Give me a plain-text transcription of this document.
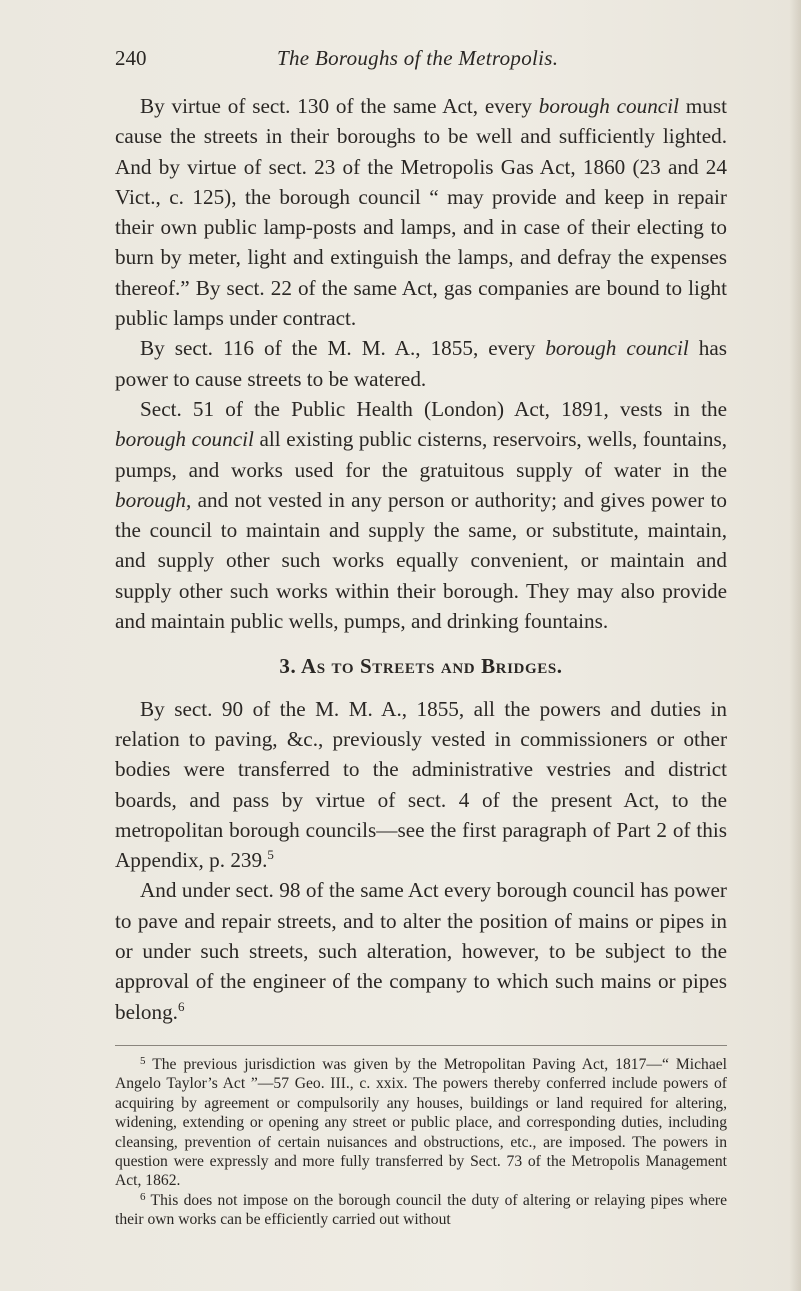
240	The Boroughs of the Metropolis.

By virtue of sect. 130 of the same Act, every borough council must cause the streets in their boroughs to be well and sufficiently lighted. And by virtue of sect. 23 of the Metropolis Gas Act, 1860 (23 and 24 Vict., c. 125), the borough council “ may provide and keep in repair their own public lamp-posts and lamps, and in case of their electing to burn by meter, light and extinguish the lamps, and defray the expenses thereof.” By sect. 22 of the same Act, gas companies are bound to light public lamps under contract.

By sect. 116 of the M. M. A., 1855, every borough council has power to cause streets to be watered.

Sect. 51 of the Public Health (London) Act, 1891, vests in the borough council all existing public cisterns, reservoirs, wells, fountains, pumps, and works used for the gratuitous supply of water in the borough, and not vested in any person or authority; and gives power to the council to maintain and supply the same, or substitute, maintain, and supply other such works equally convenient, or maintain and supply other such works within their borough. They may also provide and maintain public wells, pumps, and drinking fountains.

3. As to Streets and Bridges.

By sect. 90 of the M. M. A., 1855, all the powers and duties in relation to paving, &c., previously vested in commissioners or other bodies were transferred to the administrative vestries and district boards, and pass by virtue of sect. 4 of the present Act, to the metropolitan borough councils—see the first paragraph of Part 2 of this Appendix, p. 239.$^5$

And under sect. 98 of the same Act every borough council has power to pave and repair streets, and to alter the position of mains or pipes in or under such streets, such alteration, however, to be subject to the approval of the engineer of the company to which such mains or pipes belong.$^6$

$^5$ The previous jurisdiction was given by the Metropolitan Paving Act, 1817—“ Michael Angelo Taylor’s Act ”—57 Geo. III., c. xxix. The powers thereby conferred include powers of acquiring by agreement or compulsorily any houses, buildings or land required for altering, widening, extending or opening any street or public place, and corresponding duties, including cleansing, prevention of certain nuisances and obstructions, etc., are imposed. The powers in question were expressly and more fully transferred by Sect. 73 of the Metropolis Management Act, 1862.

$^6$ This does not impose on the borough council the duty of altering or relaying pipes where their own works can be efficiently carried out without
